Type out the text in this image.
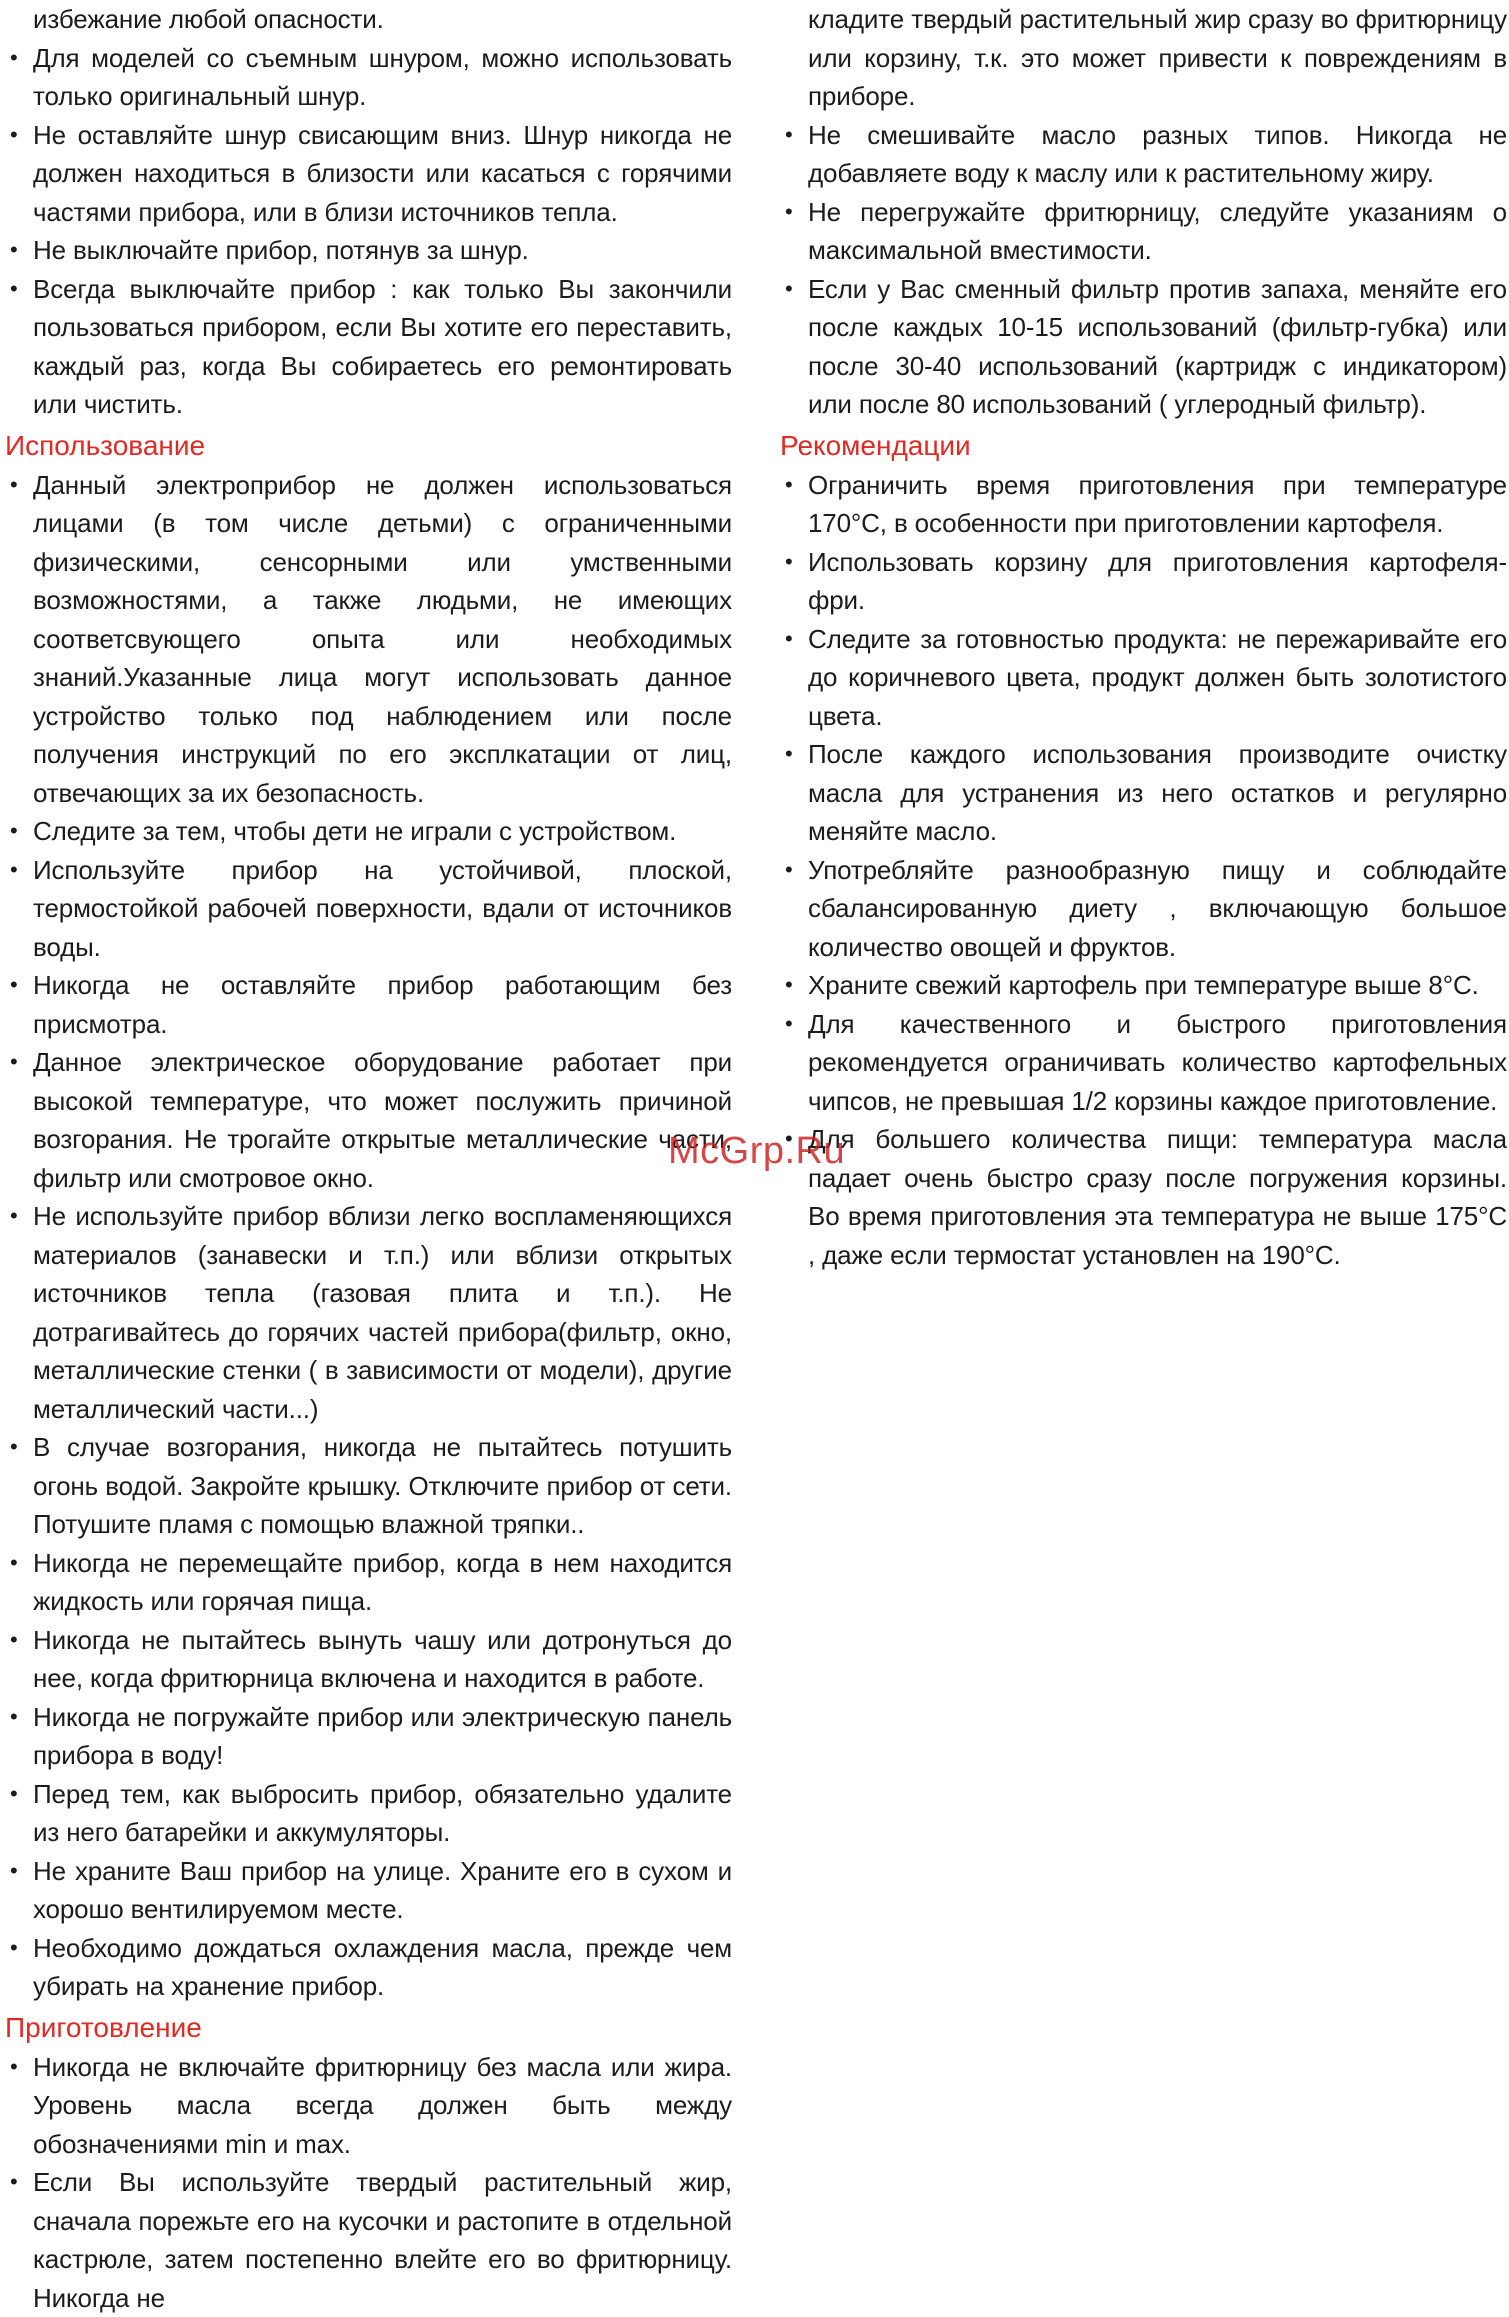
избежание любой опасности.

• Для моделей со съемным шнуром, можно использовать только оригинальный шнур.

• Не оставляйте шнур свисающим вниз. Шнур никогда не должен находиться в близости или касаться с горячими частями прибора, или в близи источников тепла.

• Не выключайте прибор, потянув за шнур.

• Всегда выключайте прибор : как только Вы закончили пользоваться прибором, если Вы хотите его переставить, каждый раз, когда Вы собираетесь его ремонтировать или чистить.

Использование

• Данный электроприбор не должен использоваться лицами (в том числе детьми) с ограниченными физическими, сенсорными или умственными возможностями, а также людьми, не имеющих соответсвующего опыта или необходимых знаний.Указанные лица могут использовать данное устройство только под наблюдением или после получения инструкций по его эксплкатации от лиц, отвечающих за их безопасность.

• Следите за тем, чтобы дети не играли с устройством.

• Используйте прибор на устойчивой, плоской, термостойкой рабочей поверхности, вдали от источников воды.

• Никогда не оставляйте прибор работающим без присмотра.

• Данное электрическое оборудование работает при высокой температуре, что может послужить причиной возгорания. Не трогайте открытые металлические части, фильтр или смотровое окно.

• Не используйте прибор вблизи легко воспламеняющихся материалов (занавески и т.п.) или вблизи открытых источников тепла (газовая плита и т.п.). Не дотрагивайтесь до горячих частей прибора(фильтр, окно, металлические стенки ( в зависимости от модели), другие металлический части...)

• В случае возгорания, никогда не пытайтесь потушить огонь водой. Закройте крышку. Отключите прибор от сети. Потушите пламя с помощью влажной тряпки..

• Никогда не перемещайте прибор, когда в нем находится жидкость или горячая пища.

• Никогда не пытайтесь вынуть чашу или дотронуться до нее, когда фритюрница включена и находится в работе.

• Никогда не погружайте прибор или электрическую панель прибора в воду!

• Перед тем, как выбросить прибор, обязательно удалите из него батарейки и аккумуляторы.

• Не храните Ваш прибор на улице. Храните его в сухом и хорошо вентилируемом месте.

• Необходимо дождаться охлаждения масла, прежде чем убирать на хранение прибор.

Приготовление

• Никогда не включайте фритюрницу без масла или жира. Уровень масла всегда должен быть между обозначениями min и max.

• Если Вы используйте твердый растительный жир, сначала порежьте его на кусочки и растопите в отдельной кастрюле, затем постепенно влейте его во фритюрницу. Никогда не

кладите твердый растительный жир сразу во фритюрницу или корзину, т.к. это может привести к повреждениям в приборе.

• Не смешивайте масло разных типов. Никогда не добавляете воду к маслу или к растительному жиру.

• Не перегружайте фритюрницу, следуйте указаниям о максимальной вместимости.

• Если у Вас сменный фильтр против запаха, меняйте его после каждых 10-15 использований (фильтр-губка) или после 30-40 использований (картридж с индикатором) или после 80 использований ( углеродный фильтр).

Рекомендации

• Ограничить время приготовления при температуре 170°C, в особенности при приготовлении картофеля.

• Использовать корзину для приготовления картофеля-фри.

• Следите за готовностью продукта: не пережаривайте его до коричневого цвета, продукт должен быть золотистого цвета.

• После каждого использования производите очистку масла для устранения из него остатков и регулярно меняйте масло.

• Употребляйте разнообразную пищу и соблюдайте сбалансированную диету , включающую большое количество овощей и фруктов.

• Храните свежий картофель при температуре выше 8°C.

• Для качественного и быстрого приготовления рекомендуется ограничивать количество картофельных чипсов, не превышая 1/2 корзины каждое приготовление.

• Для большего количества пищи: температура масла падает очень быстро сразу после погружения корзины. Во время приготовления эта температура не выше 175°C , даже если термостат установлен на 190°C.

McGrp.Ru
